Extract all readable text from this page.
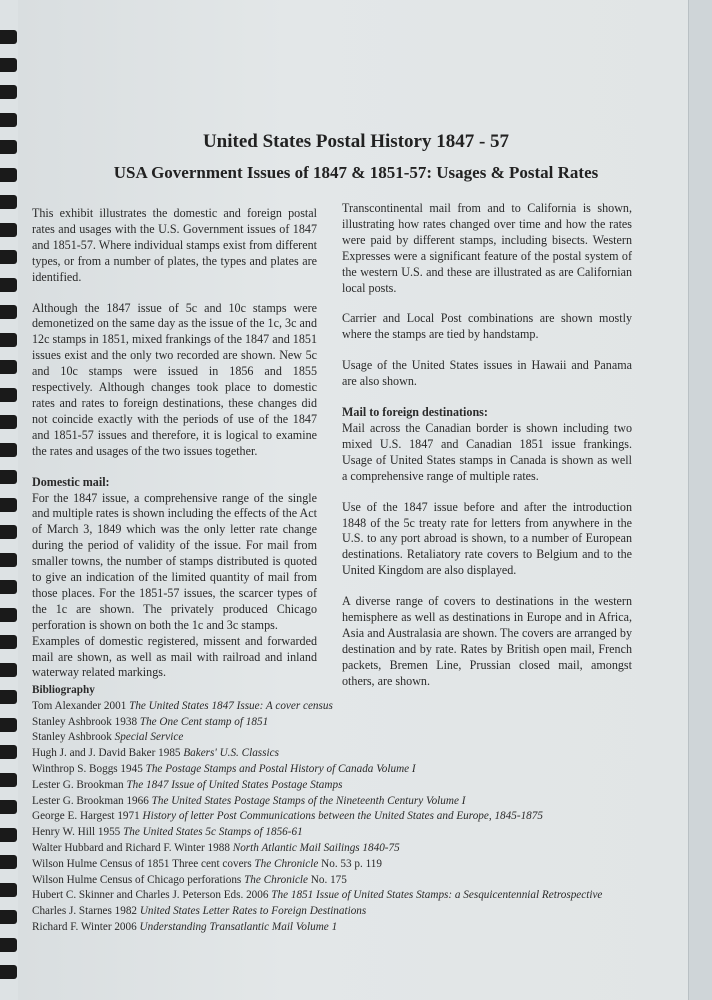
United States Postal History 1847 - 57
USA Government Issues of 1847 & 1851-57: Usages & Postal Rates

This exhibit illustrates the domestic and foreign postal rates and usages with the U.S. Government issues of 1847 and 1851-57. Where individual stamps exist from different types, or from a number of plates, the types and plates are identified.

Although the 1847 issue of 5c and 10c stamps were demonetized on the same day as the issue of the 1c, 3c and 12c stamps in 1851, mixed frankings of the 1847 and 1851 issues exist and the only two recorded are shown. New 5c and 10c stamps were issued in 1856 and 1855 respectively. Although changes took place to domestic rates and rates to foreign destinations, these changes did not coincide exactly with the periods of use of the 1847 and 1851-57 issues and therefore, it is logical to examine the rates and usages of the two issues together.

Domestic mail:

For the 1847 issue, a comprehensive range of the single and multiple rates is shown including the effects of the Act of March 3, 1849 which was the only letter rate change during the period of validity of the issue. For mail from smaller towns, the number of stamps distributed is quoted to give an indication of the limited quantity of mail from those places. For the 1851-57 issues, the scarcer types of the 1c are shown. The privately produced Chicago perforation is shown on both the 1c and 3c stamps.

Examples of domestic registered, missent and forwarded mail are shown, as well as mail with railroad and inland waterway related markings.

Transcontinental mail from and to California is shown, illustrating how rates changed over time and how the rates were paid by different stamps, including bisects. Western Expresses were a significant feature of the postal system of the western U.S. and these are illustrated as are Californian local posts.

Carrier and Local Post combinations are shown mostly where the stamps are tied by handstamp.

Usage of the United States issues in Hawaii and Panama are also shown.

Mail to foreign destinations:

Mail across the Canadian border is shown including two mixed U.S. 1847 and Canadian 1851 issue frankings. Usage of United States stamps in Canada is shown as well a comprehensive range of multiple rates.

Use of the 1847 issue before and after the introduction 1848 of the 5c treaty rate for letters from anywhere in the U.S. to any port abroad is shown, to a number of European destinations. Retaliatory rate covers to Belgium and to the United Kingdom are also displayed.

A diverse range of covers to destinations in the western hemisphere as well as destinations in Europe and in Africa, Asia and Australasia are shown. The covers are arranged by destination and by rate. Rates by British open mail, French packets, Bremen Line, Prussian closed mail, amongst others, are shown.

Bibliography
Tom Alexander 2001 The United States 1847 Issue: A cover census
Stanley Ashbrook 1938 The One Cent stamp of 1851
Stanley Ashbrook Special Service
Hugh J. and J. David Baker 1985 Bakers' U.S. Classics
Winthrop S. Boggs 1945 The Postage Stamps and Postal History of Canada Volume I
Lester G. Brookman The 1847 Issue of United States Postage Stamps
Lester G. Brookman 1966 The United States Postage Stamps of the Nineteenth Century Volume I
George E. Hargest 1971 History of letter Post Communications between the United States and Europe, 1845-1875
Henry W. Hill 1955 The United States 5c Stamps of 1856-61
Walter Hubbard and Richard F. Winter 1988 North Atlantic Mail Sailings 1840-75
Wilson Hulme Census of 1851 Three cent covers The Chronicle No. 53 p. 119
Wilson Hulme Census of Chicago perforations The Chronicle No. 175
Hubert C. Skinner and Charles J. Peterson Eds. 2006 The 1851 Issue of United States Stamps: a Sesquicentennial Retrospective
Charles J. Starnes 1982 United States Letter Rates to Foreign Destinations
Richard F. Winter 2006 Understanding Transatlantic Mail Volume 1
